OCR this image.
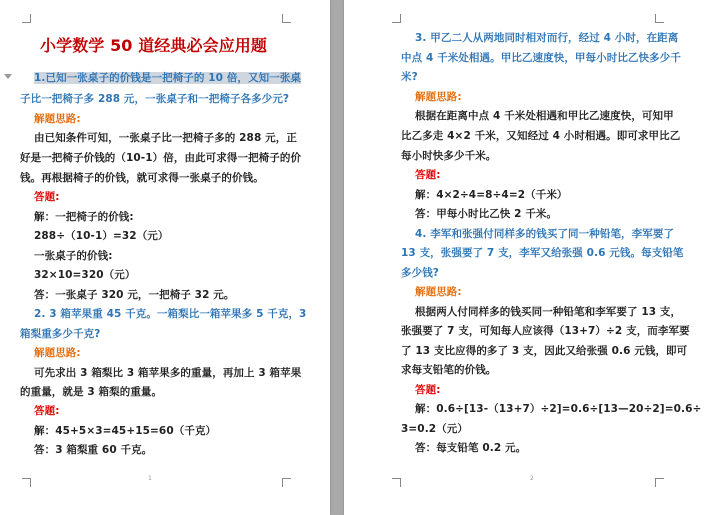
小学数学 50 道经典必会应用题
1.已知一张桌子的价钱是一把椅子的 10 倍，又知一张桌
子比一把椅子多 288 元，一张桌子和一把椅子各多少元?
解题思路:
由已知条件可知，一张桌子比一把椅子多的 288 元，正
好是一把椅子价钱的（10-1）倍，由此可求得一把椅子的价
钱。再根据椅子的价钱，就可求得一张桌子的价钱。
答题:
解：一把椅子的价钱:
288÷（10-1）=32（元）
一张桌子的价钱:
32×10=320（元）
答：一张桌子 320 元，一把椅子 32 元。
2. 3 箱苹果重 45 千克。一箱梨比一箱苹果多 5 千克，3
箱梨重多少千克?
解题思路:
可先求出 3 箱梨比 3 箱苹果多的重量，再加上 3 箱苹果
的重量，就是 3 箱梨的重量。
答题:
解：45+5×3=45+15=60（千克）
答：3 箱梨重 60 千克。
1
3. 甲乙二人从两地同时相对而行，经过 4 小时，在距离
中点 4 千米处相遇。甲比乙速度快，甲每小时比乙快多少千
米?
解题思路:
根据在距离中点 4 千米处相遇和甲比乙速度快，可知甲
比乙多走 4×2 千米，又知经过 4 小时相遇。即可求甲比乙
每小时快多少千米。
答题:
解：4×2÷4=8÷4=2（千米）
答：甲每小时比乙快 2 千米。
4. 李军和张强付同样多的钱买了同一种铅笔，李军要了
13 支，张强要了 7 支，李军又给张强 0.6 元钱。每支铅笔
多少钱?
解题思路:
根据两人付同样多的钱买同一种铅笔和李军要了 13 支，
张强要了 7 支，可知每人应该得（13+7）÷2 支，而李军要
了 13 支比应得的多了 3 支，因此又给张强 0.6 元钱，即可
求每支铅笔的价钱。
答题:
解：0.6÷[13-（13+7）÷2]=0.6÷[13—20÷2]=0.6÷
3=0.2（元）
答：每支铅笔 0.2 元。
2
